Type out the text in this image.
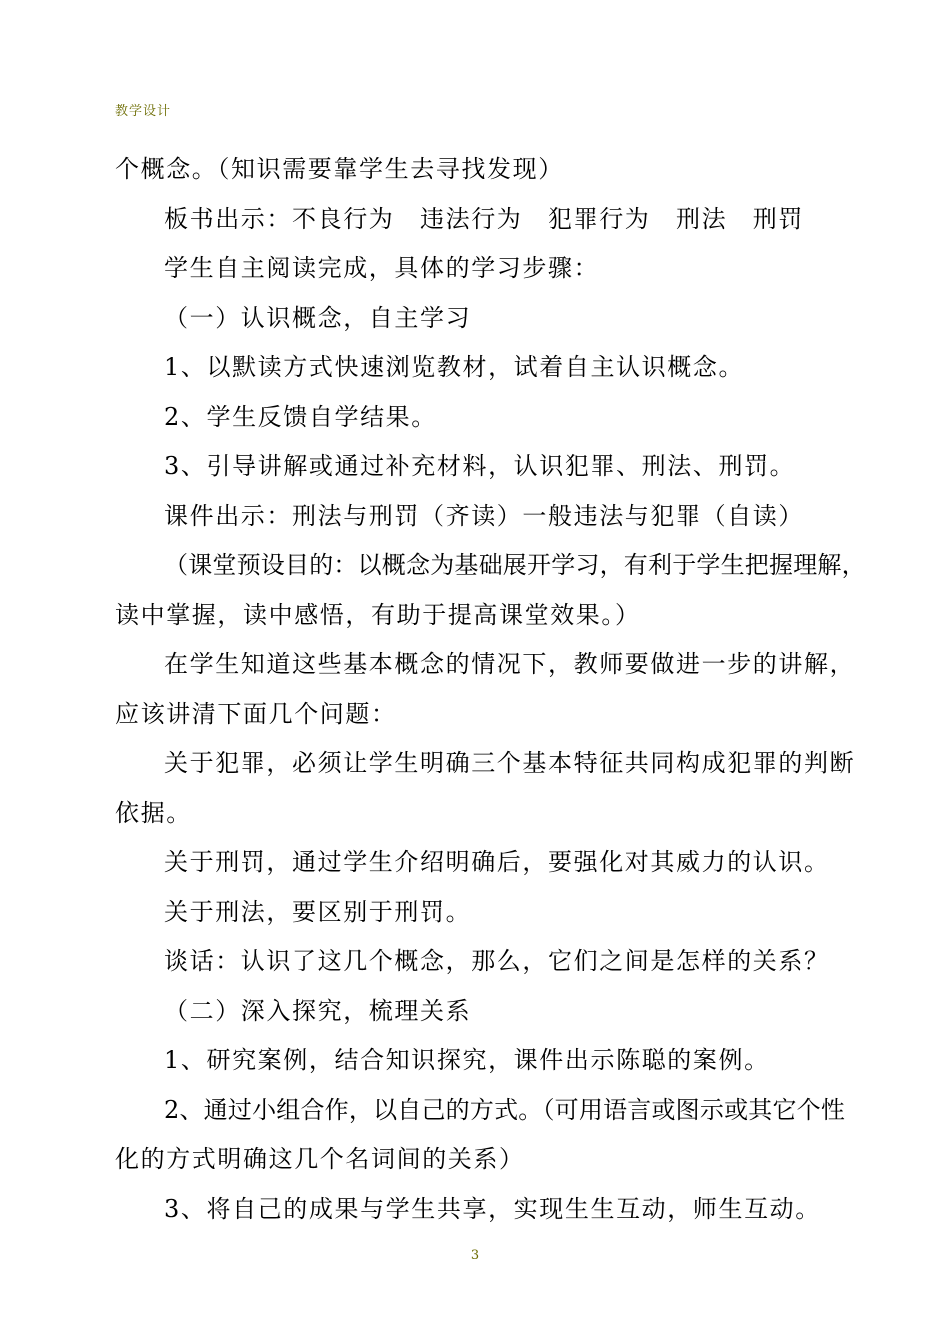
教学设计
个概念。（知识需要靠学生去寻找发现）
板书出示：不良行为　违法行为　犯罪行为　刑法　刑罚
学生自主阅读完成，具体的学习步骤：
（一）认识概念，自主学习
1、以默读方式快速浏览教材，试着自主认识概念。
2、学生反馈自学结果。
3、引导讲解或通过补充材料，认识犯罪、刑法、刑罚。
课件出示：刑法与刑罚（齐读）一般违法与犯罪（自读）
（课堂预设目的：以概念为基础展开学习，有利于学生把握理解，
读中掌握，读中感悟，有助于提高课堂效果。）
在学生知道这些基本概念的情况下，教师要做进一步的讲解，
应该讲清下面几个问题：
关于犯罪，必须让学生明确三个基本特征共同构成犯罪的判断
依据。
关于刑罚，通过学生介绍明确后，要强化对其威力的认识。
关于刑法，要区别于刑罚。
谈话：认识了这几个概念，那么，它们之间是怎样的关系？
（二）深入探究，梳理关系
1、研究案例，结合知识探究，课件出示陈聪的案例。
2、通过小组合作，以自己的方式。（可用语言或图示或其它个性
化的方式明确这几个名词间的关系）
3、将自己的成果与学生共享，实现生生互动，师生互动。
3
